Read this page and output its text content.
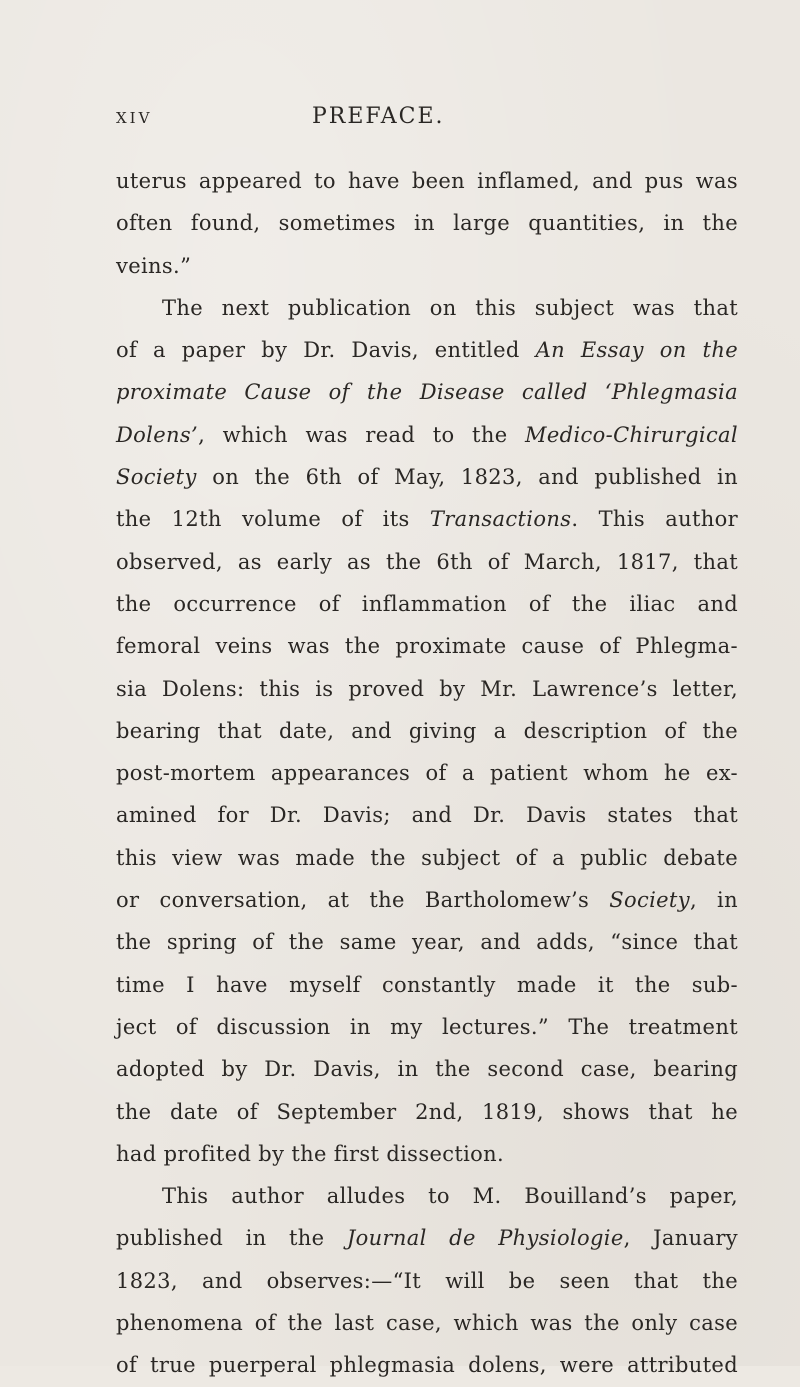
xiv	PREFACE.
uterus appeared to have been inflamed, and pus was
often found, sometimes in large quantities, in the
veins.”
The next publication on this subject was that
of a paper by Dr. Davis, entitled An Essay on the
proximate Cause of the Disease called ‘Phlegmasia
Dolens’, which was read to the Medico-Chirurgical
Society on the 6th of May, 1823, and published in
the 12th volume of its Transactions. This author
observed, as early as the 6th of March, 1817, that
the occurrence of inflammation of the iliac and
femoral veins was the proximate cause of Phlegma-
sia Dolens: this is proved by Mr. Lawrence’s letter,
bearing that date, and giving a description of the
post-mortem appearances of a patient whom he ex-
amined for Dr. Davis; and Dr. Davis states that
this view was made the subject of a public debate
or conversation, at the Bartholomew’s Society, in
the spring of the same year, and adds, “since that
time I have myself constantly made it the sub-
ject of discussion in my lectures.” The treatment
adopted by Dr. Davis, in the second case, bearing
the date of September 2nd, 1819, shows that he
had profited by the first dissection.
This author alludes to M. Bouilland’s paper,
published in the Journal de Physiologie, January
1823, and observes:—“It will be seen that the
phenomena of the last case, which was the only case
of true puerperal phlegmasia dolens, were attributed
